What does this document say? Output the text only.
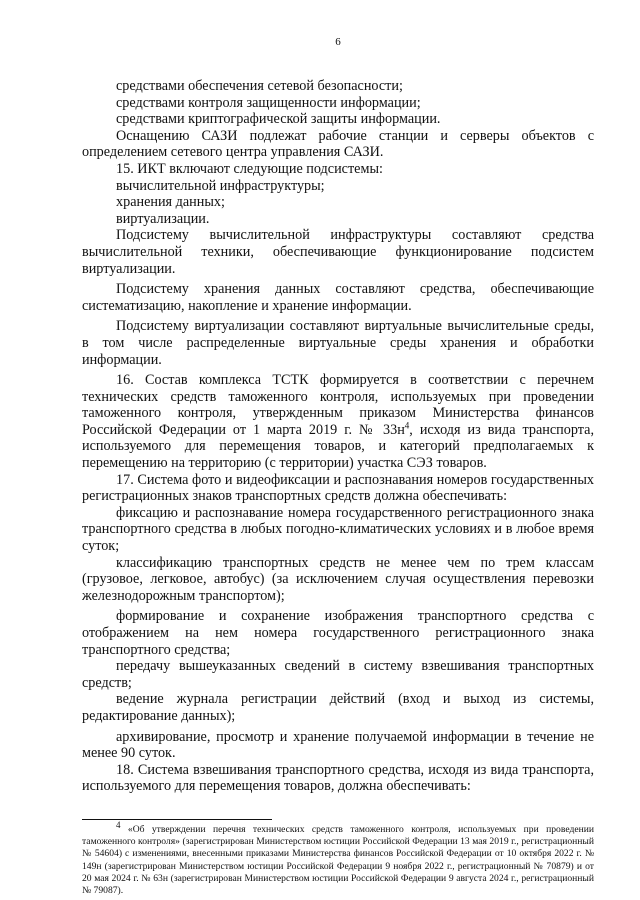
6

средствами обеспечения сетевой безопасности;

средствами контроля защищенности информации;

средствами криптографической защиты информации.

Оснащению САЗИ подлежат рабочие станции и серверы объектов с определением сетевого центра управления САЗИ.

15. ИКТ включают следующие подсистемы:

вычислительной инфраструктуры;

хранения данных;

виртуализации.

Подсистему вычислительной инфраструктуры составляют средства вычислительной техники, обеспечивающие функционирование подсистем виртуализации.

Подсистему хранения данных составляют средства, обеспечивающие систематизацию, накопление и хранение информации.

Подсистему виртуализации составляют виртуальные вычислительные среды, в том числе распределенные виртуальные среды хранения и обработки информации.

16. Состав комплекса ТСТК формируется в соответствии с перечнем технических средств таможенного контроля, используемых при проведении таможенного контроля, утвержденным приказом Министерства финансов Российской Федерации от 1 марта 2019 г. № $33н^4$, исходя из вида транспорта, используемого для перемещения товаров, и категорий предполагаемых к перемещению на территорию (с территории) участка СЭЗ товаров.

17. Система фото и видеофиксации и распознавания номеров государственных регистрационных знаков транспортных средств должна обеспечивать:

фиксацию и распознавание номера государственного регистрационного знака транспортного средства в любых погодно-климатических условиях и в любое время суток;

классификацию транспортных средств не менее чем по трем классам (грузовое, легковое, автобус) (за исключением случая осуществления перевозки железнодорожным транспортом);

формирование и сохранение изображения транспортного средства с отображением на нем номера государственного регистрационного знака транспортного средства;

передачу вышеуказанных сведений в систему взвешивания транспортных средств;

ведение журнала регистрации действий (вход и выход из системы, редактирование данных);

архивирование, просмотр и хранение получаемой информации в течение не менее 90 суток.

18. Система взвешивания транспортного средства, исходя из вида транспорта, используемого для перемещения товаров, должна обеспечивать:

$^4$ «Об утверждении перечня технических средств таможенного контроля, используемых при проведении таможенного контроля» (зарегистрирован Министерством юстиции Российской Федерации 13 мая 2019 г., регистрационный № 54604) с изменениями, внесенными приказами Министерства финансов Российской Федерации от 10 октября 2022 г. № 149н (зарегистрирован Министерством юстиции Российской Федерации 9 ноября 2022 г., регистрационный № 70879) и от 20 мая 2024 г. № 63н (зарегистрирован Министерством юстиции Российской Федерации 9 августа 2024 г., регистрационный № 79087).
